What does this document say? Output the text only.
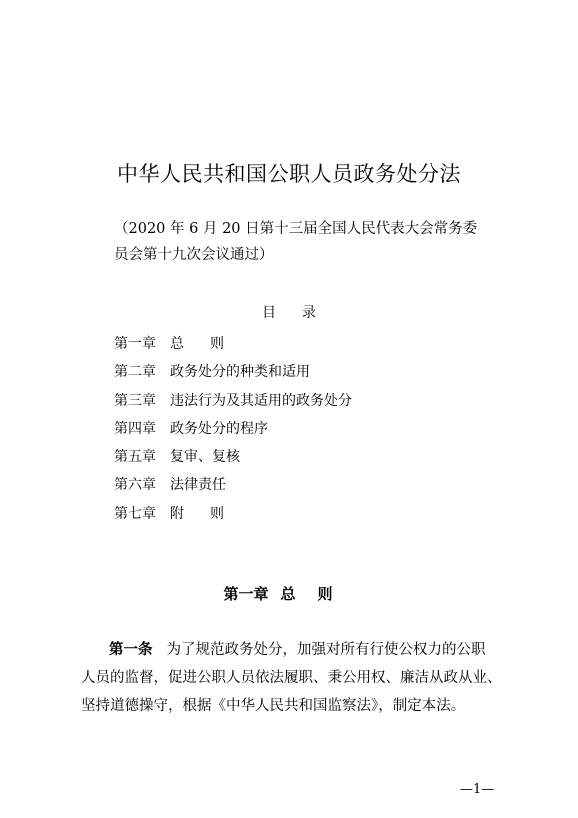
中华人民共和国公职人员政务处分法
（2020 年 6 月 20 日第十三届全国人民代表大会常务委
员会第十九次会议通过）
目录
第一章 总则
第二章 政务处分的种类和适用
第三章 违法行为及其适用的政务处分
第四章 政务处分的程序
第五章 复审、复核
第六章 法律责任
第七章 附则
第一章 总则
第一条 为了规范政务处分，加强对所有行使公权力的公职
人员的监督，促进公职人员依法履职、秉公用权、廉洁从政从业、
坚持道德操守，根据《中华人民共和国监察法》，制定本法。
—1—
